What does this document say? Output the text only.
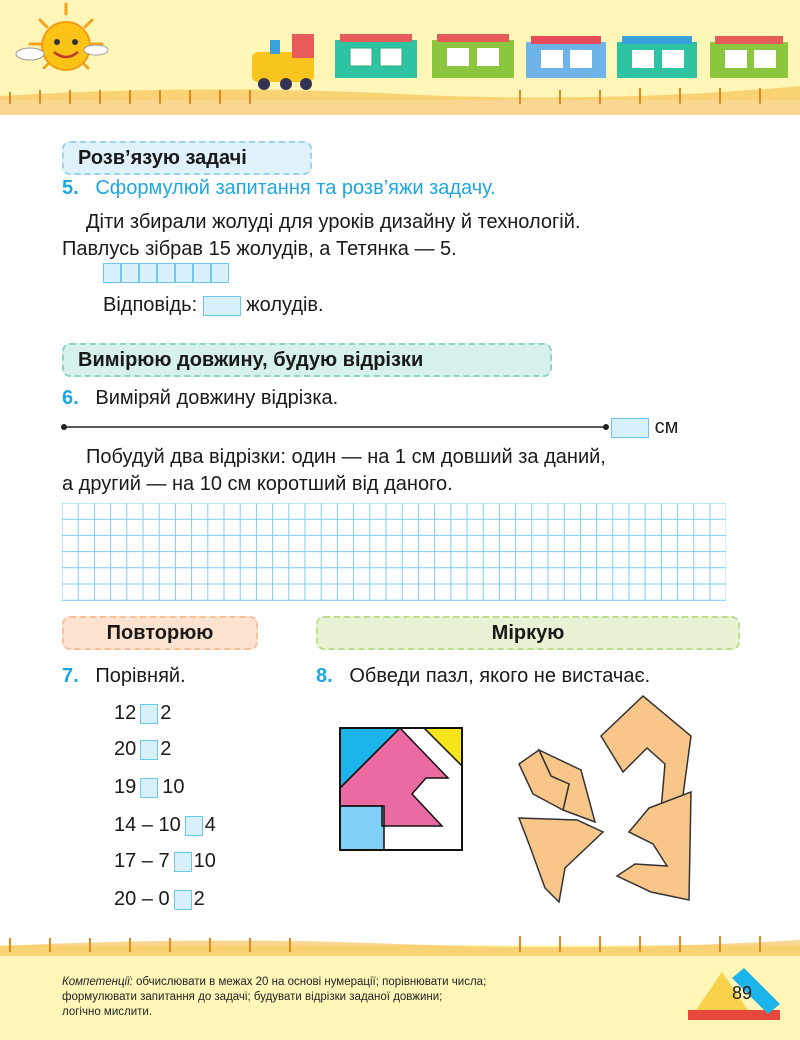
Розв’язую задачі
5. Сформулюй запитання та розв’яжи задачу.
Діти збирали жолуді для уроків дизайну й технологій.
Павлусь зібрав 15 жолудів, а Тетянка — 5.
Відповідь: жолудів.
Вимірюю довжину, будую відрізки
6. Виміряй довжину відрізка.
см
Побудуй два відрізки: один — на 1 см довший за даний,
а другий — на 10 см коротший від даного.
Повторюю	Міркую
7. Порівняй.
12 2
20 2
19 10
14 – 10 4
17 – 7 10
20 – 0 2
8. Обведи пазл, якого не вистачає.
Компетенції: обчислювати в межах 20 на основі нумерації; порівнювати числа;
формулювати запитання до задачі; будувати відрізки заданої довжини;
логічно мислити.
89
